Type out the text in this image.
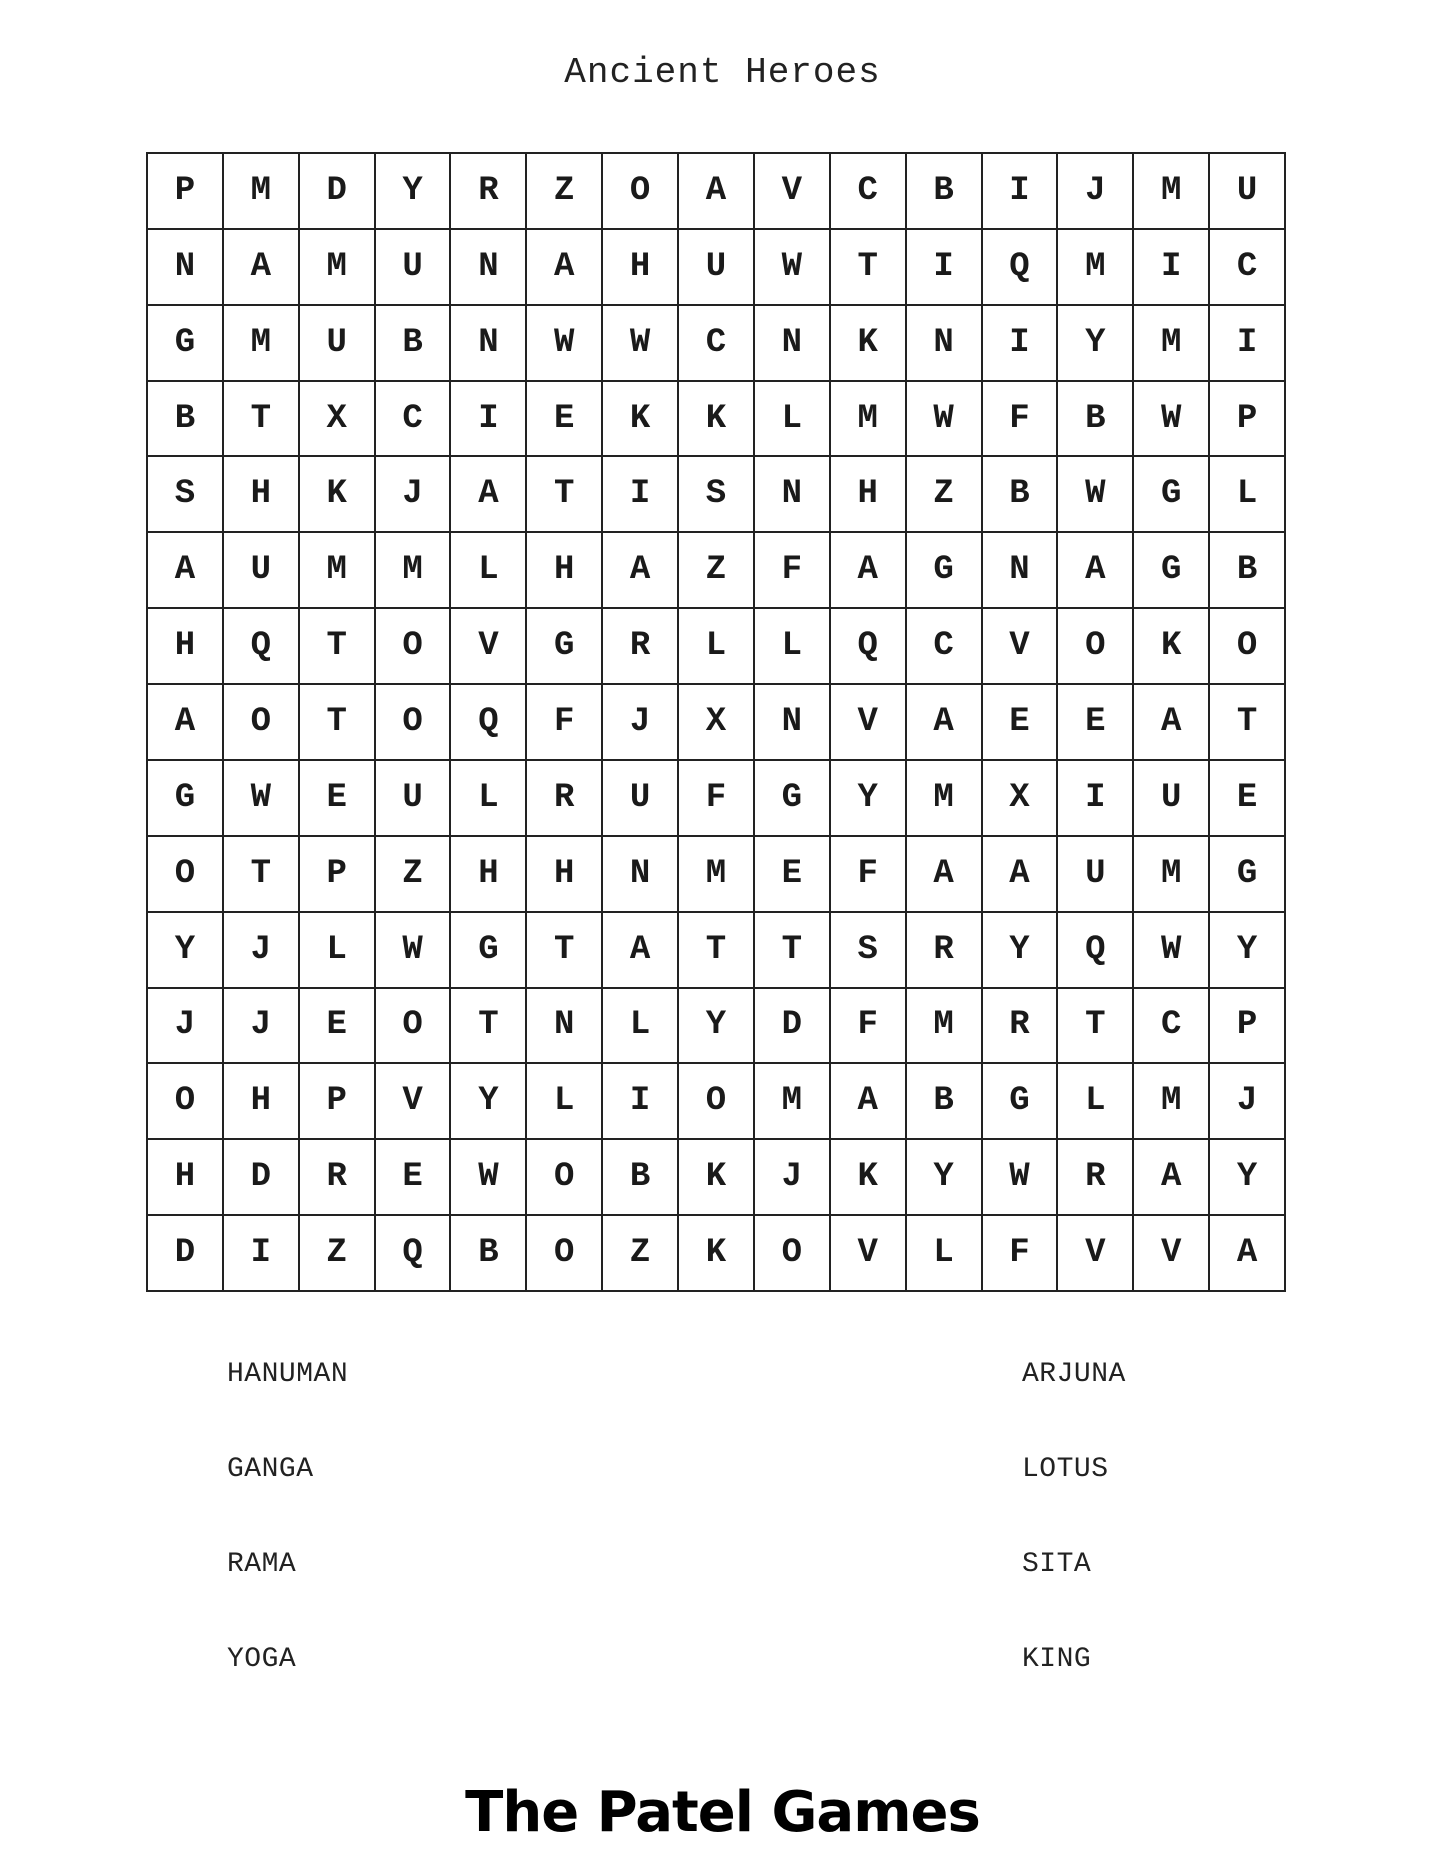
Ancient Heroes
P	M	D	Y	R	Z	O	A	V	C	B	I	J	M	U
N	A	M	U	N	A	H	U	W	T	I	Q	M	I	C
G	M	U	B	N	W	W	C	N	K	N	I	Y	M	I
B	T	X	C	I	E	K	K	L	M	W	F	B	W	P
S	H	K	J	A	T	I	S	N	H	Z	B	W	G	L
A	U	M	M	L	H	A	Z	F	A	G	N	A	G	B
H	Q	T	O	V	G	R	L	L	Q	C	V	O	K	O
A	O	T	O	Q	F	J	X	N	V	A	E	E	A	T
G	W	E	U	L	R	U	F	G	Y	M	X	I	U	E
O	T	P	Z	H	H	N	M	E	F	A	A	U	M	G
Y	J	L	W	G	T	A	T	T	S	R	Y	Q	W	Y
J	J	E	O	T	N	L	Y	D	F	M	R	T	C	P
O	H	P	V	Y	L	I	O	M	A	B	G	L	M	J
H	D	R	E	W	O	B	K	J	K	Y	W	R	A	Y
D	I	Z	Q	B	O	Z	K	O	V	L	F	V	V	A
HANUMAN
GANGA
RAMA
YOGA
ARJUNA
LOTUS
SITA
KING
The Patel Games
